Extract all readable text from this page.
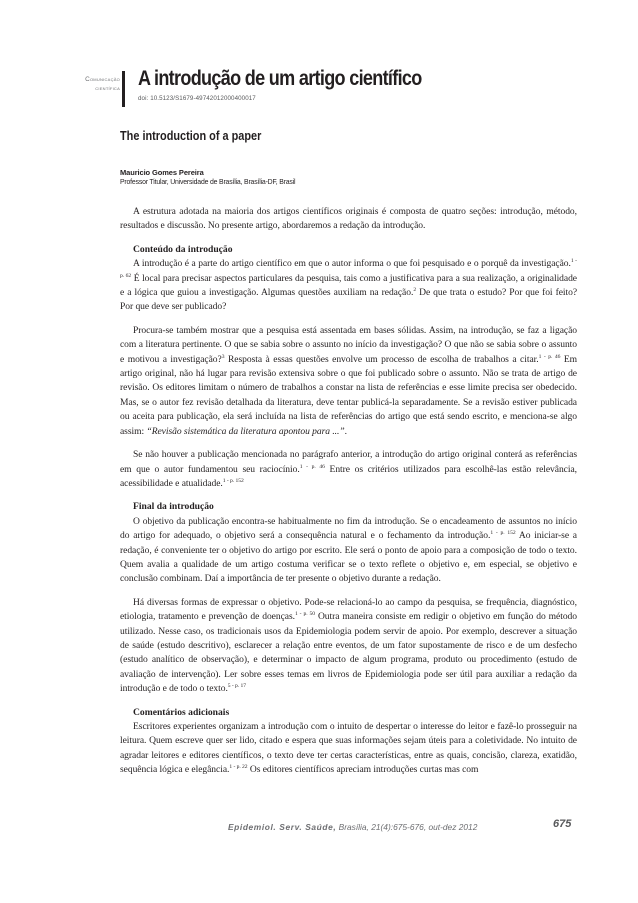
Comunicação
científica A introdução de um artigo científico
doi: 10.5123/S1679-49742012000400017
The introduction of a paper
Mauricio Gomes Pereira
Professor Titular, Universidade de Brasília, Brasília-DF, Brasil

A estrutura adotada na maioria dos artigos científicos originais é composta de quatro seções: introdução, método, resultados e discussão. No presente artigo, abordaremos a redação da introdução.

Conteúdo da introdução

A introdução é a parte do artigo científico em que o autor informa o que foi pesquisado e o porquê da investigação.$^{1 - p. 62}$ É local para precisar aspectos particulares da pesquisa, tais como a justificativa para a sua realização, a originalidade e a lógica que guiou a investigação. Algumas questões auxiliam na redação.$^2$ De que trata o estudo? Por que foi feito? Por que deve ser publicado?

Procura-se também mostrar que a pesquisa está assentada em bases sólidas. Assim, na introdução, se faz a ligação com a literatura pertinente. O que se sabia sobre o assunto no início da investigação? O que não se sabia sobre o assunto e motivou a investigação?$^3$ Resposta à essas questões envolve um processo de escolha de trabalhos a citar.$^{1 - p. 46}$ Em artigo original, não há lugar para revisão extensiva sobre o que foi publicado sobre o assunto. Não se trata de artigo de revisão. Os editores limitam o número de trabalhos a constar na lista de referências e esse limite precisa ser obedecido. Mas, se o autor fez revisão detalhada da literatura, deve tentar publicá-la separadamente. Se a revisão estiver publicada ou aceita para publicação, ela será incluída na lista de referências do artigo que está sendo escrito, e menciona-se algo assim: “Revisão sistemática da literatura apontou para ...”.

Se não houver a publicação mencionada no parágrafo anterior, a introdução do artigo original conterá as referências em que o autor fundamentou seu raciocínio.$^{1 - p. 46}$ Entre os critérios utilizados para escolhê-las estão relevância, acessibilidade e atualidade.$^{1 - p. 152}$

Final da introdução

O objetivo da publicação encontra-se habitualmente no fim da introdução. Se o encadeamento de assuntos no início do artigo for adequado, o objetivo será a consequência natural e o fechamento da introdução.$^{1 - p. 152}$ Ao iniciar-se a redação, é conveniente ter o objetivo do artigo por escrito. Ele será o ponto de apoio para a composição de todo o texto. Quem avalia a qualidade de um artigo costuma verificar se o texto reflete o objetivo e, em especial, se objetivo e conclusão combinam. Daí a importância de ter presente o objetivo durante a redação.

Há diversas formas de expressar o objetivo. Pode-se relacioná-lo ao campo da pesquisa, se frequência, diagnóstico, etiologia, tratamento e prevenção de doenças.$^{1 - p. 50}$ Outra maneira consiste em redigir o objetivo em função do método utilizado. Nesse caso, os tradicionais usos da Epidemiologia podem servir de apoio. Por exemplo, descrever a situação de saúde (estudo descritivo), esclarecer a relação entre eventos, de um fator supostamente de risco e de um desfecho (estudo analítico de observação), e determinar o impacto de algum programa, produto ou procedimento (estudo de avaliação de intervenção). Ler sobre esses temas em livros de Epidemiologia pode ser útil para auxiliar a redação da introdução e de todo o texto.$^{5 - p. 17}$

Comentários adicionais

Escritores experientes organizam a introdução com o intuito de despertar o interesse do leitor e fazê-lo prosseguir na leitura. Quem escreve quer ser lido, citado e espera que suas informações sejam úteis para a coletividade. No intuito de agradar leitores e editores científicos, o texto deve ter certas características, entre as quais, concisão, clareza, exatidão, sequência lógica e elegância.$^{1 - p. 22}$ Os editores científicos apreciam introduções curtas mas com

Epidemiol. Serv. Saúde, Brasília, 21(4):675-676, out-dez 2012	675
